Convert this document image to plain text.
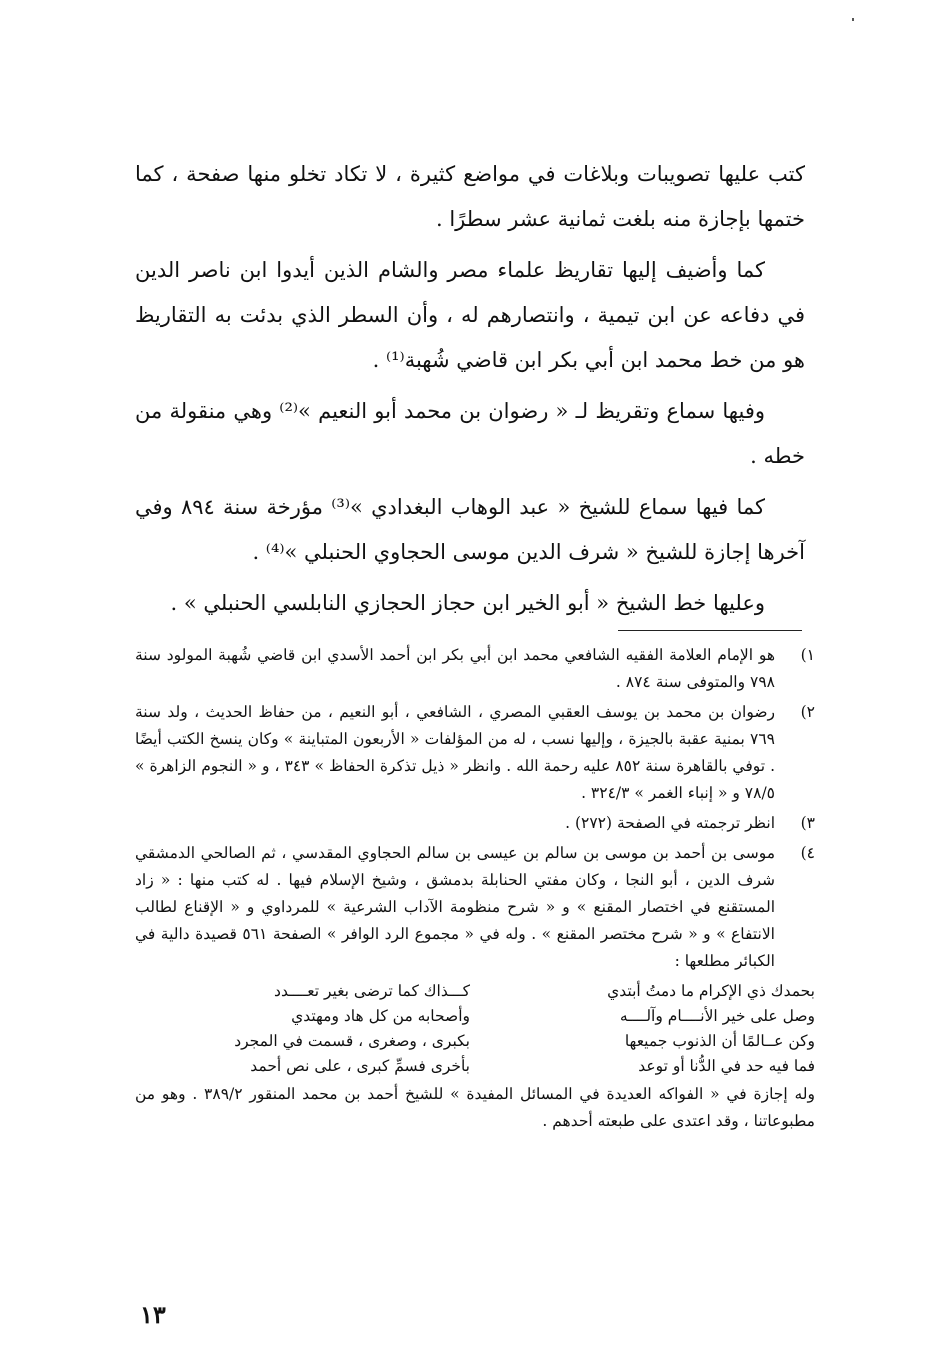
كتب عليها تصويبات وبلاغات في مواضع كثيرة ، لا تكاد تخلو منها صفحة ، كما ختمها بإجازة منه بلغت ثمانية عشر سطرًا .

كما وأضيف إليها تقاريظ علماء مصر والشام الذين أيدوا ابن ناصر الدين في دفاعه عن ابن تيمية ، وانتصارهم له ، وأن السطر الذي بدئت به التقاريظ هو من خط محمد ابن أبي بكر ابن قاضي شُهبة⁽¹⁾ .

وفيها سماع وتقريظ لـ « رضوان بن محمد أبو النعيم »⁽²⁾ وهي منقولة من خطه .

كما فيها سماع للشيخ « عبد الوهاب البغدادي »⁽³⁾ مؤرخة سنة ٨٩٤ وفي آخرها إجازة للشيخ « شرف الدين موسى الحجاوي الحنبلي »⁽⁴⁾ .

وعليها خط الشيخ « أبو الخير ابن حجاز الحجازي النابلسي الحنبلي » .

١)
هو الإمام العلامة الفقيه الشافعي محمد ابن أبي بكر ابن أحمد الأسدي ابن قاضي شُهبة المولود سنة ٧٩٨ والمتوفى سنة ٨٧٤ .
٢)
رضوان بن محمد بن يوسف العقبي المصري ، الشافعي ، أبو النعيم ، من حفاظ الحديث ، ولد سنة ٧٦٩ بمنية عقبة بالجيزة ، وإليها نسب ، له من المؤلفات « الأربعون المتباينة » وكان ينسخ الكتب أيضًا . توفي بالقاهرة سنة ٨٥٢ عليه رحمة الله . وانظر « ذيل تذكرة الحفاظ » ٣٤٣ ، و « النجوم الزاهرة » ٧٨/٥ و « إنباء الغمر » ٣٢٤/٣ .
٣)
انظر ترجمته في الصفحة (٢٧٢) .
٤)
موسى بن أحمد بن موسى بن سالم بن عيسى بن سالم الحجاوي المقدسي ، ثم الصالحي الدمشقي شرف الدين ، أبو النجا ، وكان مفتي الحنابلة بدمشق ، وشيخ الإسلام فيها . له كتب منها : « زاد المستقنع في اختصار المقنع » و « شرح منظومة الآداب الشرعية » للمرداوي و « الإقناع لطالب الانتفاع » و « شرح مختصر المقنع » . وله في « مجموع الرد الوافر » الصفحة ٥٦١ قصيدة دالية في الكبائر مطلعها :
بحمدك ذي الإكرام ما دمتُ أبتدي
كـــذاك كما ترضى بغير تعــــدد
وصل على خير الأنــــام وآلــــه
وأصحابه من كل هاد ومهتدي
وكن عــالمًا أن الذنوب جميعها
بكبرى ، وصغرى ، قسمت في المجرد
فما فيه حد في الدُّنا أو توعد
بأخرى فسمِّ كبرى ، على نص أحمد
وله إجازة في « الفواكه العديدة في المسائل المفيدة » للشيخ أحمد بن محمد المنقور ٣٨٩/٢ . وهو من مطبوعاتنا ، وقد اعتدى على طبعته أحدهم .
١٣
